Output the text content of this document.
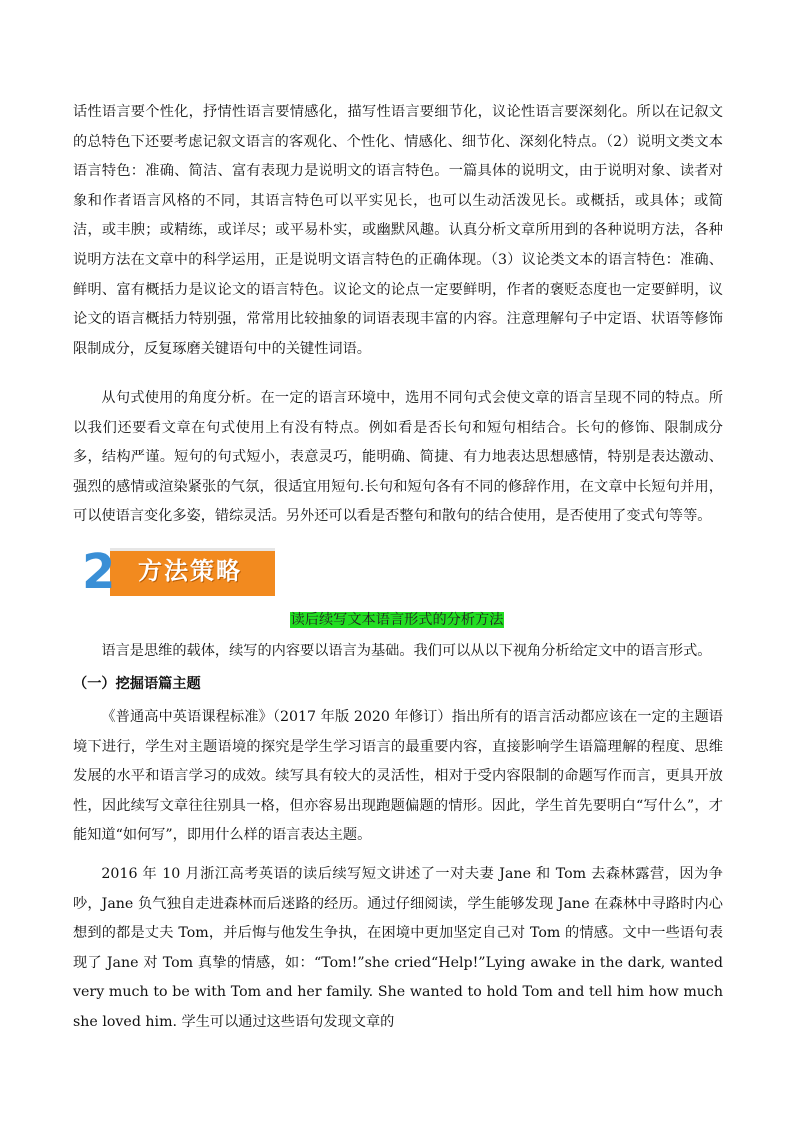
话性语言要个性化，抒情性语言要情感化，描写性语言要细节化，议论性语言要深刻化。所以在记叙文的总特色下还要考虑记叙文语言的客观化、个性化、情感化、细节化、深刻化特点。（2）说明文类文本语言特色：准确、简洁、富有表现力是说明文的语言特色。一篇具体的说明文，由于说明对象、读者对象和作者语言风格的不同，其语言特色可以平实见长，也可以生动活泼见长。或概括，或具体；或简洁，或丰腴；或精练，或详尽；或平易朴实，或幽默风趣。认真分析文章所用到的各种说明方法，各种说明方法在文章中的科学运用，正是说明文语言特色的正确体现。（3）议论类文本的语言特色：准确、鲜明、富有概括力是议论文的语言特色。议论文的论点一定要鲜明，作者的褒贬态度也一定要鲜明，议论文的语言概括力特别强，常常用比较抽象的词语表现丰富的内容。注意理解句子中定语、状语等修饰限制成分，反复琢磨关键语句中的关键性词语。

从句式使用的角度分析。在一定的语言环境中，选用不同句式会使文章的语言呈现不同的特点。所以我们还要看文章在句式使用上有没有特点。例如看是否长句和短句相结合。长句的修饰、限制成分多，结构严谨。短句的句式短小，表意灵巧，能明确、简捷、有力地表达思想感情，特别是表达激动、强烈的感情或渲染紧张的气氛，很适宜用短句.长句和短句各有不同的修辞作用，在文章中长短句并用，可以使语言变化多姿，错综灵活。另外还可以看是否整句和散句的结合使用，是否使用了变式句等等。

2 方法策略
读后续写文本语言形式的分析方法

语言是思维的载体，续写的内容要以语言为基础。我们可以从以下视角分析给定文中的语言形式。

（一）挖掘语篇主题

《普通高中英语课程标准》（2017 年版 2020 年修订）指出所有的语言活动都应该在一定的主题语境下进行，学生对主题语境的探究是学生学习语言的最重要内容，直接影响学生语篇理解的程度、思维发展的水平和语言学习的成效。续写具有较大的灵活性，相对于受内容限制的命题写作而言，更具开放性，因此续写文章往往别具一格，但亦容易出现跑题偏题的情形。因此，学生首先要明白“写什么”，才能知道“如何写”，即用什么样的语言表达主题。

2016 年 10 月浙江高考英语的读后续写短文讲述了一对夫妻 Jane 和 Tom 去森林露营，因为争吵，Jane 负气独自走进森林而后迷路的经历。通过仔细阅读，学生能够发现 Jane 在森林中寻路时内心想到的都是丈夫 Tom，并后悔与他发生争执，在困境中更加坚定自己对 Tom 的情感。文中一些语句表现了 Jane 对 Tom 真挚的情感，如：“Tom!”she cried“Help!”Lying awake in the dark, wanted very much to be with Tom and her family. She wanted to hold Tom and tell him how much she loved him. 学生可以通过这些语句发现文章的
